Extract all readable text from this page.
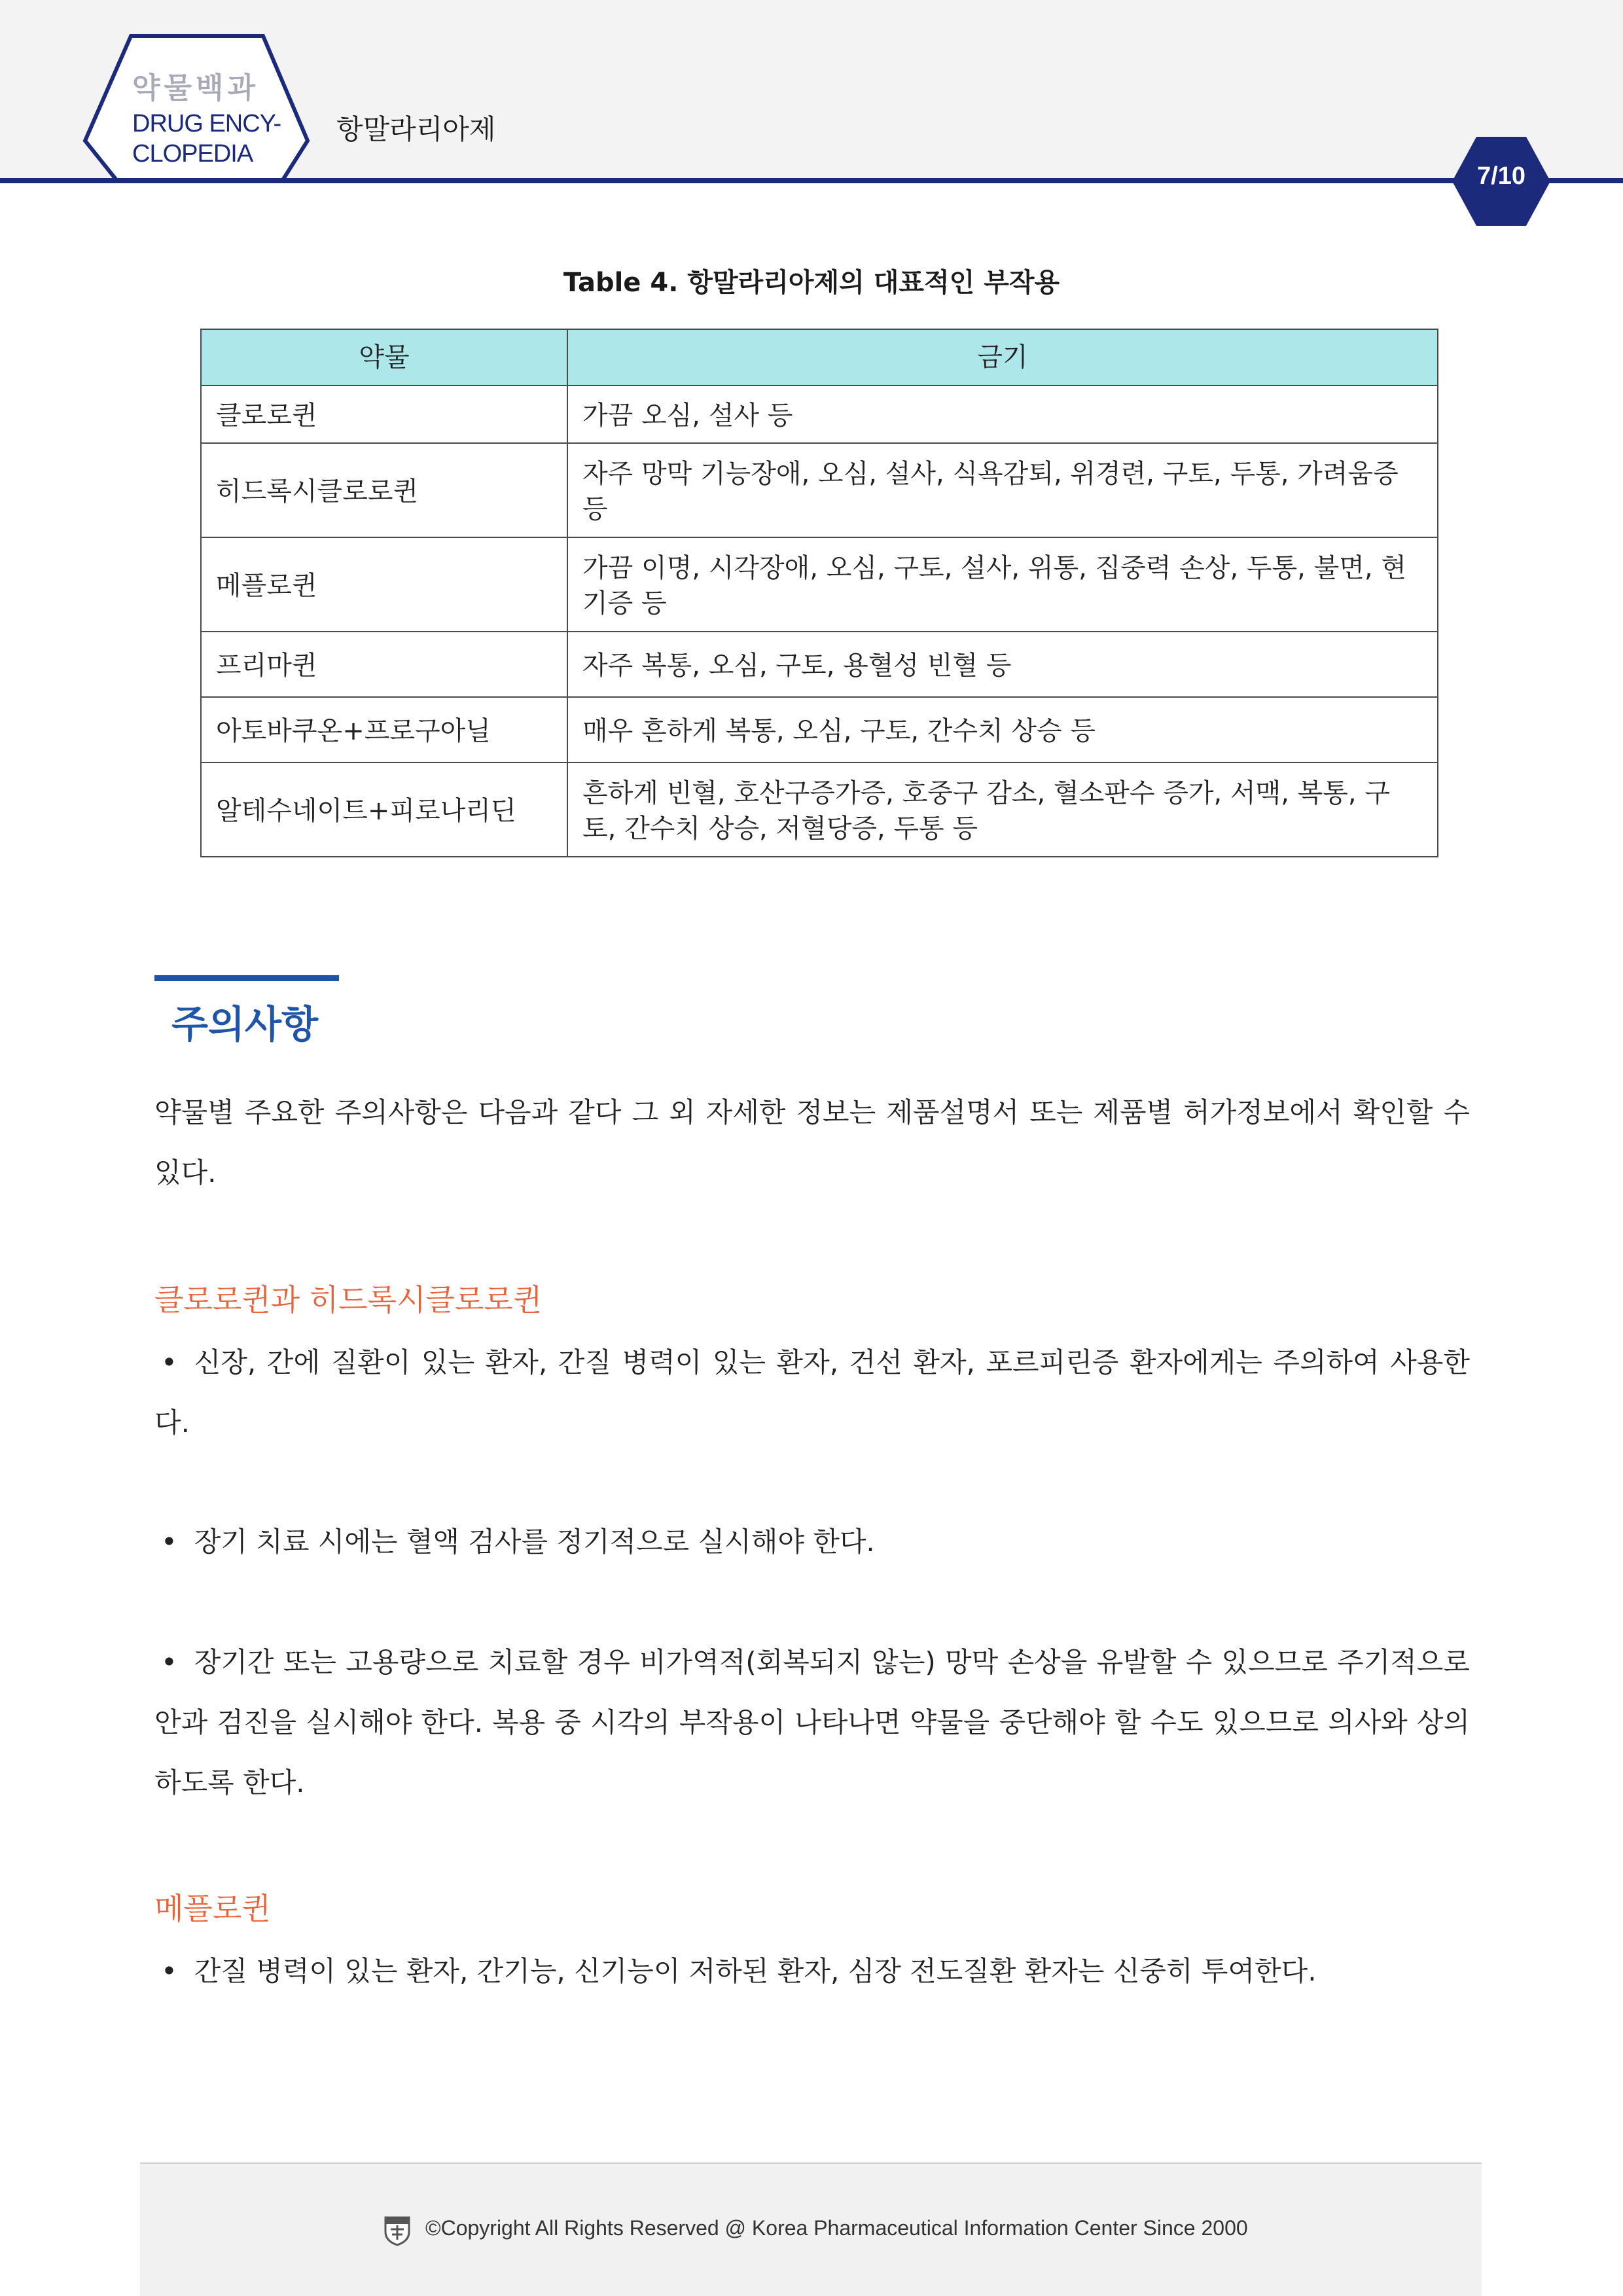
약물백과
DRUG ENCY-
CLOPEDIA
항말라리아제
7/10
Table 4. 항말라리아제의 대표적인 부작용
약물	금기
클로로퀸	가끔 오심, 설사 등
히드록시클로로퀸	자주 망막 기능장애, 오심, 설사, 식욕감퇴, 위경련, 구토, 두통, 가려움증 등
메플로퀸	가끔 이명, 시각장애, 오심, 구토, 설사, 위통, 집중력 손상, 두통, 불면, 현기증 등
프리마퀸	자주 복통, 오심, 구토, 용혈성 빈혈 등
아토바쿠온+프로구아닐	매우 흔하게 복통, 오심, 구토, 간수치 상승 등
알테수네이트+피로나리딘	흔하게 빈혈, 호산구증가증, 호중구 감소, 혈소판수 증가, 서맥, 복통, 구토, 간수치 상승, 저혈당증, 두통 등
주의사항
약물별 주요한 주의사항은 다음과 같다 그 외 자세한 정보는 제품설명서 또는 제품별 허가정보에서 확인할 수 있다.
클로로퀸과 히드록시클로로퀸
• 신장, 간에 질환이 있는 환자, 간질 병력이 있는 환자, 건선 환자, 포르피린증 환자에게는 주의하여 사용한다.
• 장기 치료 시에는 혈액 검사를 정기적으로 실시해야 한다.
• 장기간 또는 고용량으로 치료할 경우 비가역적(회복되지 않는) 망막 손상을 유발할 수 있으므로 주기적으로 안과 검진을 실시해야 한다. 복용 중 시각의 부작용이 나타나면 약물을 중단해야 할 수도 있으므로 의사와 상의하도록 한다.
메플로퀸
• 간질 병력이 있는 환자, 간기능, 신기능이 저하된 환자, 심장 전도질환 환자는 신중히 투여한다.
©Copyright All Rights Reserved @ Korea Pharmaceutical Information Center Since 2000
